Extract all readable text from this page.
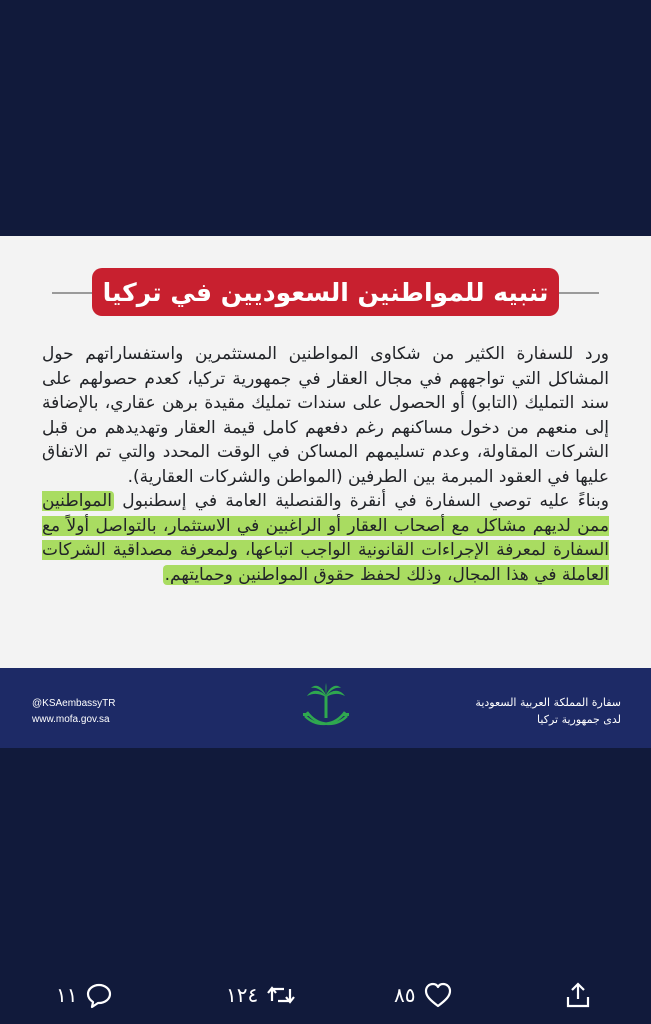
تنبيه للمواطنين السعوديين في تركيا

ورد للسفارة الكثير من شكاوى المواطنين المستثمرين واستفساراتهم حول المشاكل التي تواجههم في مجال العقار في جمهورية تركيا، كعدم حصولهم على سند التمليك (التابو) أو الحصول على سندات تمليك مقيدة برهن عقاري، بالإضافة إلى منعهم من دخول مساكنهم رغم دفعهم كامل قيمة العقار وتهديدهم من قبل الشركات المقاولة، وعدم تسليمهم المساكن في الوقت المحدد والتي تم الاتفاق عليها في العقود المبرمة بين الطرفين (المواطن والشركات العقارية).

وبناءً عليه توصي السفارة في أنقرة والقنصلية العامة في إسطنبول المواطنين ممن لديهم مشاكل مع أصحاب العقار أو الراغبين في الاستثمار، بالتواصل أولاً مع السفارة لمعرفة الإجراءات القانونية الواجب اتباعها، ولمعرفة مصداقية الشركات العاملة في هذا المجال، وذلك لحفظ حقوق المواطنين وحمايتهم.

@KSAembassyTR
www.mofa.gov.sa
سفارة المملكة العربية السعودية
لدى جمهورية تركيا
١١	١٢٤	٨٥
